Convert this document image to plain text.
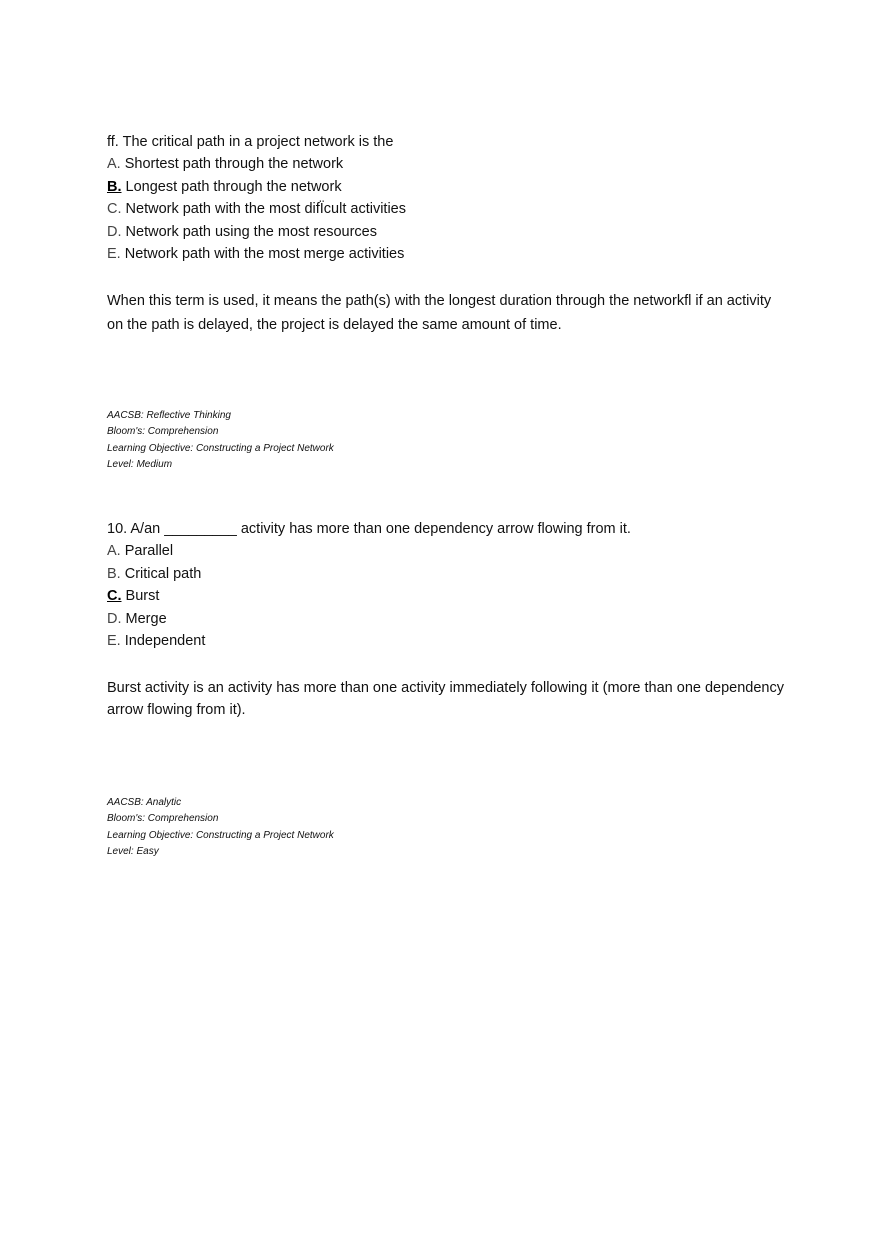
ff. The critical path in a project network is the

A. Shortest path through the network

B. Longest path through the network

C. Network path with the most difÏcult activities

D. Network path using the most resources

E. Network path with the most merge activities

When this term is used, it means the path(s) with the longest duration through the networkﬂ if an activity on the path is delayed, the project is delayed the same amount of time.

AACSB: Reflective Thinking

Bloom's: Comprehension

Learning Objective: Constructing a Project Network

Level: Medium

10. A/an _________ activity has more than one dependency arrow flowing from it.

A. Parallel

B. Critical path

C. Burst

D. Merge

E. Independent

Burst activity is an activity has more than one activity immediately following it (more than one dependency arrow flowing from it).

AACSB: Analytic

Bloom's: Comprehension

Learning Objective: Constructing a Project Network

Level: Easy
